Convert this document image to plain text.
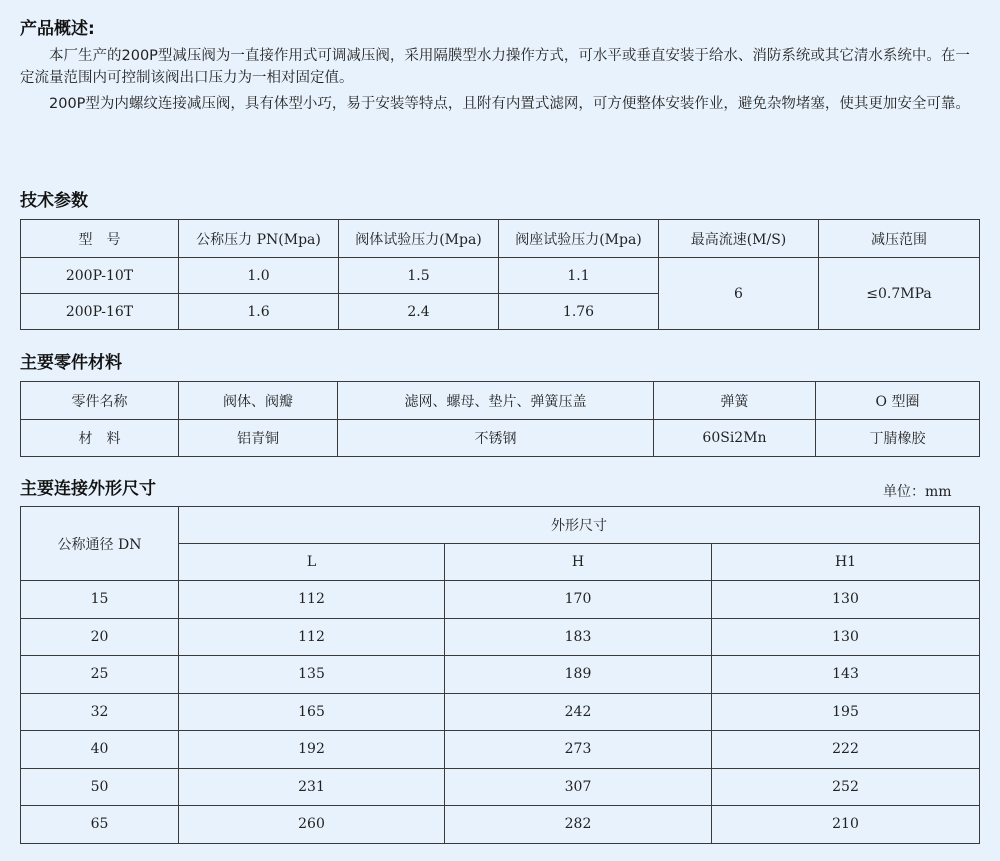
产品概述:

本厂生产的200P型减压阀为一直接作用式可调减压阀，采用隔膜型水力操作方式，可水平或垂直安装于给水、消防系统或其它清水系统中。在一定流量范围内可控制该阀出口压力为一相对固定值。

200P型为内螺纹连接减压阀，具有体型小巧，易于安装等特点，且附有内置式滤网，可方便整体安装作业，避免杂物堵塞，使其更加安全可靠。

技术参数
型　号	公称压力 PN(Mpa)	阀体试验压力(Mpa)	阀座试验压力(Mpa)	最高流速(M/S)	减压范围
200P-10T	1.0	1.5	1.1	6	≤0.7MPa
200P-16T	1.6	2.4	1.76		
主要零件材料
零件名称	阀体、阀瓣	滤网、螺母、垫片、弹簧压盖	弹簧	O 型圈
材　料	铝青铜	不锈钢	60Si2Mn	丁腈橡胶
主要连接外形尺寸	单位：mm
公称通径 DN	外形尺寸		
	L	H	H1
15	112	170	130
20	112	183	130
25	135	189	143
32	165	242	195
40	192	273	222
50	231	307	252
65	260	282	210
